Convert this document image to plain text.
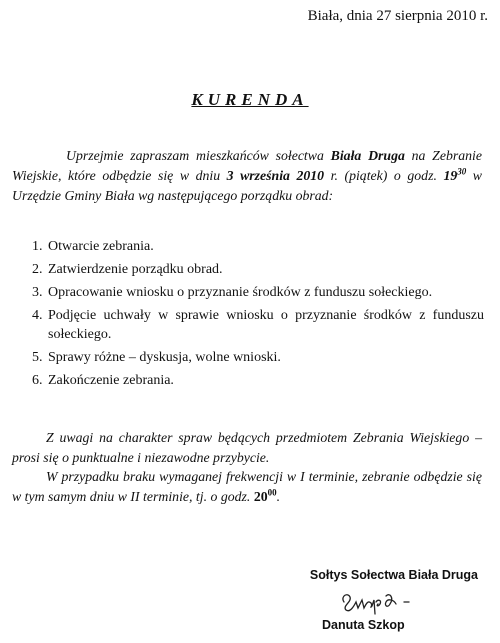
Biała, dnia 27 sierpnia 2010 r.
KURENDA
Uprzejmie zapraszam mieszkańców sołectwa Biała Druga na Zebranie Wiejskie, które odbędzie się w dniu 3 września 2010 r. (piątek) o godz. $19^{30}$ w Urzędzie Gminy Biała wg następującego porządku obrad:
1. Otwarcie zebrania.
2. Zatwierdzenie porządku obrad.
3. Opracowanie wniosku o przyznanie środków z funduszu sołeckiego.
4. Podjęcie uchwały w sprawie wniosku o przyznanie środków z funduszu sołeckiego.
5. Sprawy różne – dyskusja, wolne wnioski.
6. Zakończenie zebrania.
Z uwagi na charakter spraw będących przedmiotem Zebrania Wiejskiego – prosi się o punktualne i niezawodne przybycie.
W przypadku braku wymaganej frekwencji w I terminie, zebranie odbędzie się w tym samym dniu w II terminie, tj. o godz. $20^{00}$.
Sołtys Sołectwa Biała Druga
Danuta Szkop
